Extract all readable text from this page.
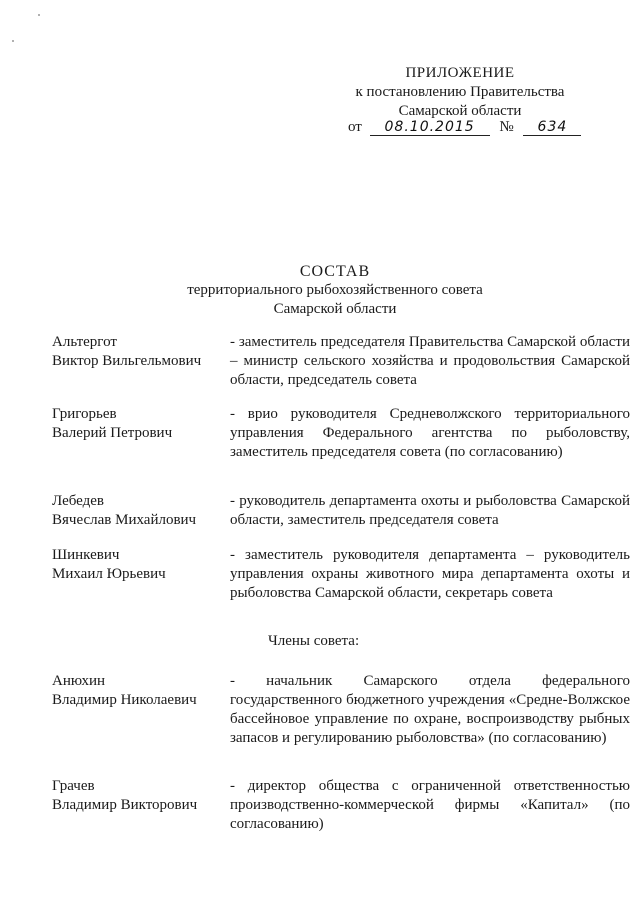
ПРИЛОЖЕНИЕ
к постановлению Правительства
Самарской области
от 08.10.2015 № 634
СОСТАВ
территориального рыбохозяйственного совета
Самарской области
Альтергот
Виктор Вильгельмович
- заместитель председателя Правительства Самарской области – министр сельского хозяйства и продовольствия Самарской области, председатель совета
Григорьев
Валерий Петрович
- врио руководителя Средневолжского территориального управления Федерального агентства по рыболовству, заместитель председателя совета (по согласованию)
Лебедев
Вячеслав Михайлович
- руководитель департамента охоты и рыболовства Самарской области, заместитель председателя совета
Шинкевич
Михаил Юрьевич
- заместитель руководителя департамента – руководитель управления охраны животного мира департамента охоты и рыболовства Самарской области, секретарь совета
Члены совета:
Анюхин
Владимир Николаевич
- начальник Самарского отдела федерального государственного бюджетного учреждения «Средне-Волжское бассейновое управление по охране, воспроизводству рыбных запасов и регулированию рыболовства» (по согласованию)
Грачев
Владимир Викторович
- директор общества с ограниченной ответственностью производственно-коммерческой фирмы «Капитал» (по согласованию)
